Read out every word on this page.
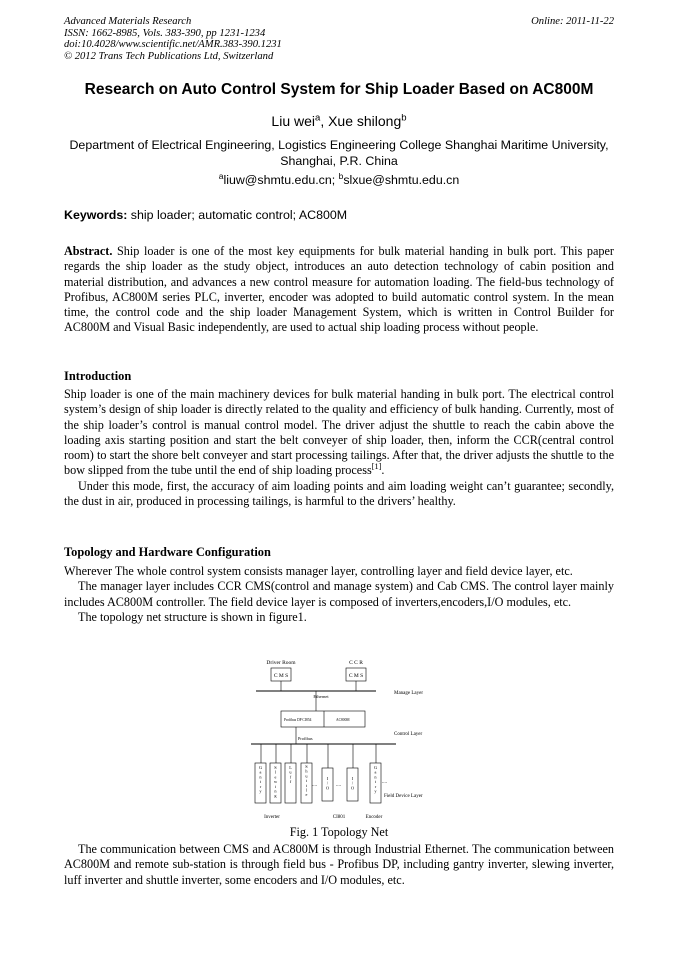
Advanced Materials Research
ISSN: 1662-8985, Vols. 383-390, pp 1231-1234
doi:10.4028/www.scientific.net/AMR.383-390.1231
© 2012 Trans Tech Publications Ltd, Switzerland
Online: 2011-11-22
Research on Auto Control System for Ship Loader Based on AC800M
Liu wei$^a$, Xue shilong$^b$
Department of Electrical Engineering, Logistics Engineering College Shanghai Maritime University, Shanghai, P.R. China
$^a$liuw@shmtu.edu.cn; $^b$slxue@shmtu.edu.cn
Keywords: ship loader; automatic control; AC800M

Abstract. Ship loader is one of the most key equipments for bulk material handing in bulk port. This paper regards the ship loader as the study object, introduces an auto detection technology of cabin position and material distribution, and advances a new control measure for automation loading. The field-bus technology of Profibus, AC800M series PLC, inverter, encoder was adopted to build automatic control system. In the mean time, the control code and the ship loader Management System, which is written in Control Builder for AC800M and Visual Basic independently, are used to actual ship loading process without people.

Introduction

Ship loader is one of the main machinery devices for bulk material handing in bulk port. The electrical control system’s design of ship loader is directly related to the quality and efficiency of bulk handing. Currently, most of the ship loader’s control is manual control model. The driver adjust the shuttle to reach the cabin above the loading axis starting position and start the belt conveyer of ship loader, then, inform the CCR(central control room) to start the shore belt conveyer and start processing tailings. After that, the driver adjusts the shuttle to the bow slipped from the tube until the end of ship loading process[1].

Under this mode, first, the accuracy of aim loading points and aim loading weight can’t guarantee; secondly, the dust in air, produced in processing tailings, is harmful to the drivers’ healthy.

Topology and Hardware Configuration

Wherever The whole control system consists manager layer, controlling layer and field device layer, etc.

The manager layer includes CCR CMS(control and manage system) and Cab CMS. The control layer mainly includes AC800M controller. The field device layer is composed of inverters,encoders,I/O modules, etc.

The topology net structure is shown in figure1.

Driver Room	C C R
C M S	C M S
Ethernet
Manage Layer
Profibus DP CI854	AC800M
Control Layer
Profibus
....	....
....
Field Device Layer
Inverter	CI801	Encoder
G a n t r y
S l e w i n g
L u f f
S h u t t l e
I / O
I / O
G a n t r y
Fig. 1 Topology Net

The communication between CMS and AC800M is through Industrial Ethernet. The communication between AC800M and remote sub-station is through field bus - Profibus DP, including gantry inverter, slewing inverter, luff inverter and shuttle inverter, some encoders and I/O modules, etc.
